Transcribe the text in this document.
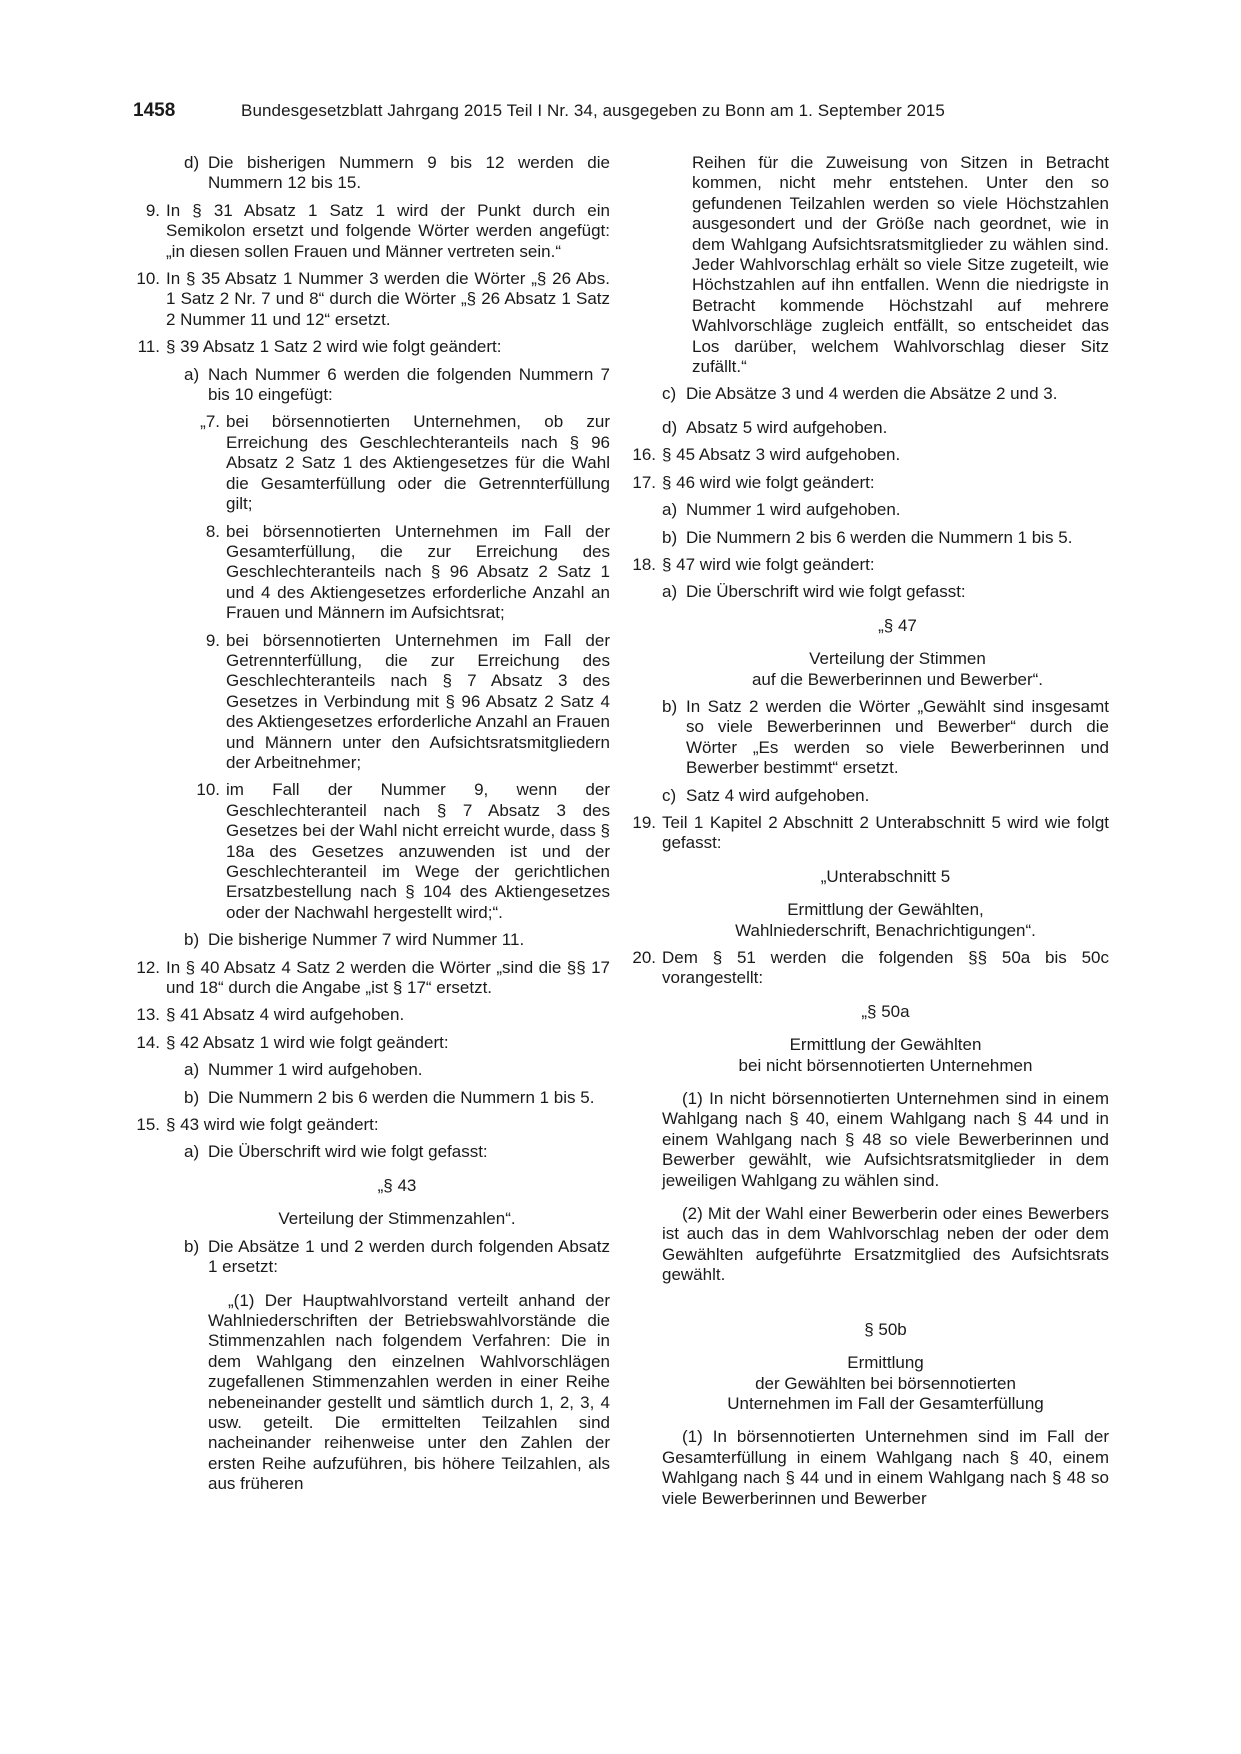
1458	Bundesgesetzblatt Jahrgang 2015 Teil I Nr. 34, ausgegeben zu Bonn am 1. September 2015
d) Die bisherigen Nummern 9 bis 12 werden die Nummern 12 bis 15.
9. In § 31 Absatz 1 Satz 1 wird der Punkt durch ein Semikolon ersetzt und folgende Wörter werden angefügt: „in diesen sollen Frauen und Männer vertreten sein.“
10. In § 35 Absatz 1 Nummer 3 werden die Wörter „§ 26 Abs. 1 Satz 2 Nr. 7 und 8“ durch die Wörter „§ 26 Absatz 1 Satz 2 Nummer 11 und 12“ ersetzt.
11. § 39 Absatz 1 Satz 2 wird wie folgt geändert:
a) Nach Nummer 6 werden die folgenden Nummern 7 bis 10 eingefügt:
„7. bei börsennotierten Unternehmen, ob zur Erreichung des Geschlechteranteils nach § 96 Absatz 2 Satz 1 des Aktiengesetzes für die Wahl die Gesamterfüllung oder die Getrennterfüllung gilt;
8. bei börsennotierten Unternehmen im Fall der Gesamterfüllung, die zur Erreichung des Geschlechteranteils nach § 96 Absatz 2 Satz 1 und 4 des Aktiengesetzes erforderliche Anzahl an Frauen und Männern im Aufsichtsrat;
9. bei börsennotierten Unternehmen im Fall der Getrennterfüllung, die zur Erreichung des Geschlechteranteils nach § 7 Absatz 3 des Gesetzes in Verbindung mit § 96 Absatz 2 Satz 4 des Aktiengesetzes erforderliche Anzahl an Frauen und Männern unter den Aufsichtsratsmitgliedern der Arbeitnehmer;
10. im Fall der Nummer 9, wenn der Geschlechteranteil nach § 7 Absatz 3 des Gesetzes bei der Wahl nicht erreicht wurde, dass § 18a des Gesetzes anzuwenden ist und der Geschlechteranteil im Wege der gerichtlichen Ersatzbestellung nach § 104 des Aktiengesetzes oder der Nachwahl hergestellt wird;“.
b) Die bisherige Nummer 7 wird Nummer 11.
12. In § 40 Absatz 4 Satz 2 werden die Wörter „sind die §§ 17 und 18“ durch die Angabe „ist § 17“ ersetzt.
13. § 41 Absatz 4 wird aufgehoben.
14. § 42 Absatz 1 wird wie folgt geändert:
a) Nummer 1 wird aufgehoben.
b) Die Nummern 2 bis 6 werden die Nummern 1 bis 5.
15. § 43 wird wie folgt geändert:
a) Die Überschrift wird wie folgt gefasst:
„§ 43
Verteilung der Stimmenzahlen“.
b) Die Absätze 1 und 2 werden durch folgenden Absatz 1 ersetzt:
„(1) Der Hauptwahlvorstand verteilt anhand der Wahlniederschriften der Betriebswahlvorstände die Stimmenzahlen nach folgendem Verfahren: Die in dem Wahlgang den einzelnen Wahlvorschlägen zugefallenen Stimmenzahlen werden in einer Reihe nebeneinander gestellt und sämtlich durch 1, 2, 3, 4 usw. geteilt. Die ermittelten Teilzahlen sind nacheinander reihenweise unter den Zahlen der ersten Reihe aufzuführen, bis höhere Teilzahlen, als aus früheren
Reihen für die Zuweisung von Sitzen in Betracht kommen, nicht mehr entstehen. Unter den so gefundenen Teilzahlen werden so viele Höchstzahlen ausgesondert und der Größe nach geordnet, wie in dem Wahlgang Aufsichtsratsmitglieder zu wählen sind. Jeder Wahlvorschlag erhält so viele Sitze zugeteilt, wie Höchstzahlen auf ihn entfallen. Wenn die niedrigste in Betracht kommende Höchstzahl auf mehrere Wahlvorschläge zugleich entfällt, so entscheidet das Los darüber, welchem Wahlvorschlag dieser Sitz zufällt.“
c) Die Absätze 3 und 4 werden die Absätze 2 und 3.
d) Absatz 5 wird aufgehoben.
16. § 45 Absatz 3 wird aufgehoben.
17. § 46 wird wie folgt geändert:
a) Nummer 1 wird aufgehoben.
b) Die Nummern 2 bis 6 werden die Nummern 1 bis 5.
18. § 47 wird wie folgt geändert:
a) Die Überschrift wird wie folgt gefasst:
„§ 47
Verteilung der Stimmen
auf die Bewerberinnen und Bewerber“.
b) In Satz 2 werden die Wörter „Gewählt sind insgesamt so viele Bewerberinnen und Bewerber“ durch die Wörter „Es werden so viele Bewerberinnen und Bewerber bestimmt“ ersetzt.
c) Satz 4 wird aufgehoben.
19. Teil 1 Kapitel 2 Abschnitt 2 Unterabschnitt 5 wird wie folgt gefasst:
„Unterabschnitt 5
Ermittlung der Gewählten,
Wahlniederschrift, Benachrichtigungen“.
20. Dem § 51 werden die folgenden §§ 50a bis 50c vorangestellt:
„§ 50a
Ermittlung der Gewählten
bei nicht börsennotierten Unternehmen
(1) In nicht börsennotierten Unternehmen sind in einem Wahlgang nach § 40, einem Wahlgang nach § 44 und in einem Wahlgang nach § 48 so viele Bewerberinnen und Bewerber gewählt, wie Aufsichtsratsmitglieder in dem jeweiligen Wahlgang zu wählen sind.
(2) Mit der Wahl einer Bewerberin oder eines Bewerbers ist auch das in dem Wahlvorschlag neben der oder dem Gewählten aufgeführte Ersatzmitglied des Aufsichtsrats gewählt.
§ 50b
Ermittlung
der Gewählten bei börsennotierten
Unternehmen im Fall der Gesamterfüllung
(1) In börsennotierten Unternehmen sind im Fall der Gesamterfüllung in einem Wahlgang nach § 40, einem Wahlgang nach § 44 und in einem Wahlgang nach § 48 so viele Bewerberinnen und Bewerber
